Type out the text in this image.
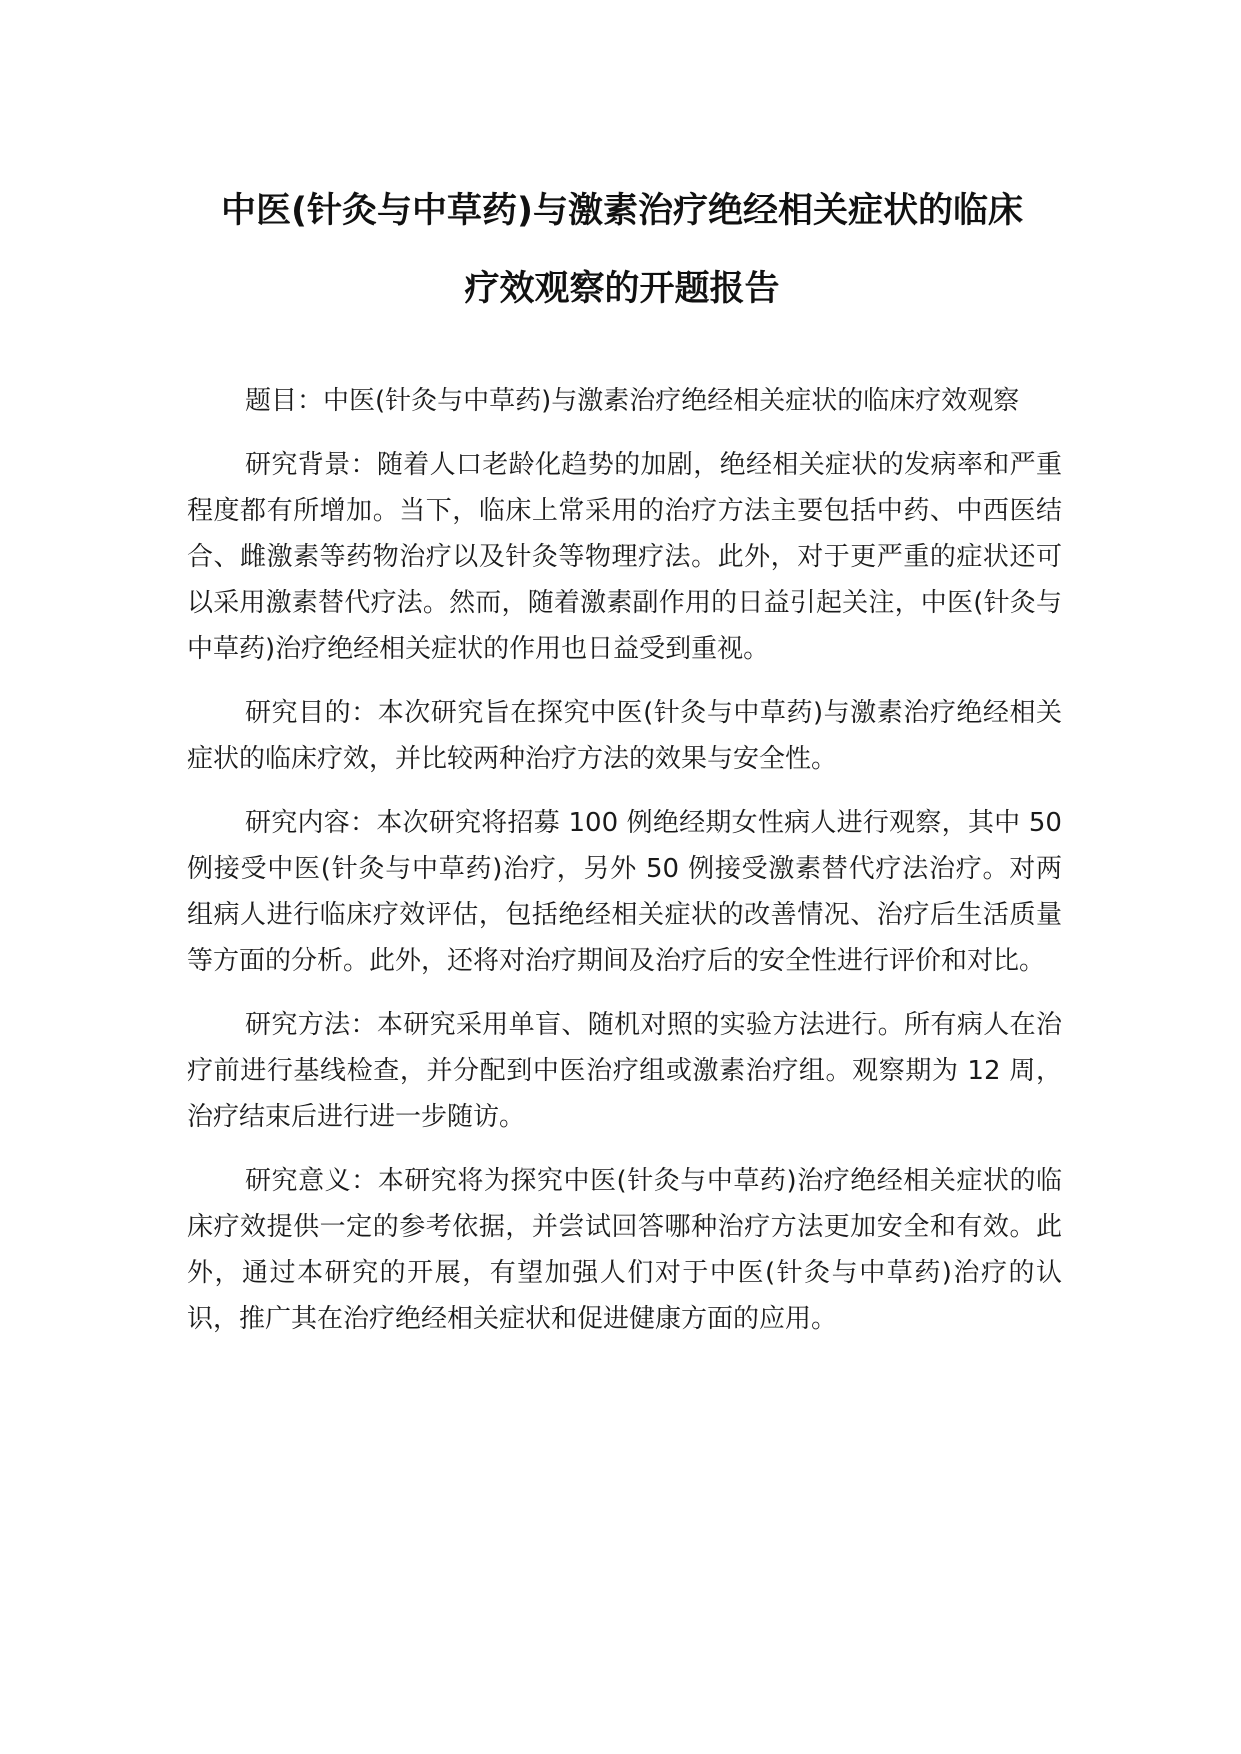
中医(针灸与中草药)与激素治疗绝经相关症状的临床
疗效观察的开题报告

题目：中医(针灸与中草药)与激素治疗绝经相关症状的临床疗效观察

研究背景：随着人口老龄化趋势的加剧，绝经相关症状的发病率和严重程度都有所增加。当下，临床上常采用的治疗方法主要包括中药、中西医结合、雌激素等药物治疗以及针灸等物理疗法。此外，对于更严重的症状还可以采用激素替代疗法。然而，随着激素副作用的日益引起关注，中医(针灸与中草药)治疗绝经相关症状的作用也日益受到重视。

研究目的：本次研究旨在探究中医(针灸与中草药)与激素治疗绝经相关症状的临床疗效，并比较两种治疗方法的效果与安全性。

研究内容：本次研究将招募 100 例绝经期女性病人进行观察，其中 50 例接受中医(针灸与中草药)治疗，另外 50 例接受激素替代疗法治疗。对两组病人进行临床疗效评估，包括绝经相关症状的改善情况、治疗后生活质量等方面的分析。此外，还将对治疗期间及治疗后的安全性进行评价和对比。

研究方法：本研究采用单盲、随机对照的实验方法进行。所有病人在治疗前进行基线检查，并分配到中医治疗组或激素治疗组。观察期为 12 周，治疗结束后进行进一步随访。

研究意义：本研究将为探究中医(针灸与中草药)治疗绝经相关症状的临床疗效提供一定的参考依据，并尝试回答哪种治疗方法更加安全和有效。此外，通过本研究的开展，有望加强人们对于中医(针灸与中草药)治疗的认识，推广其在治疗绝经相关症状和促进健康方面的应用。
